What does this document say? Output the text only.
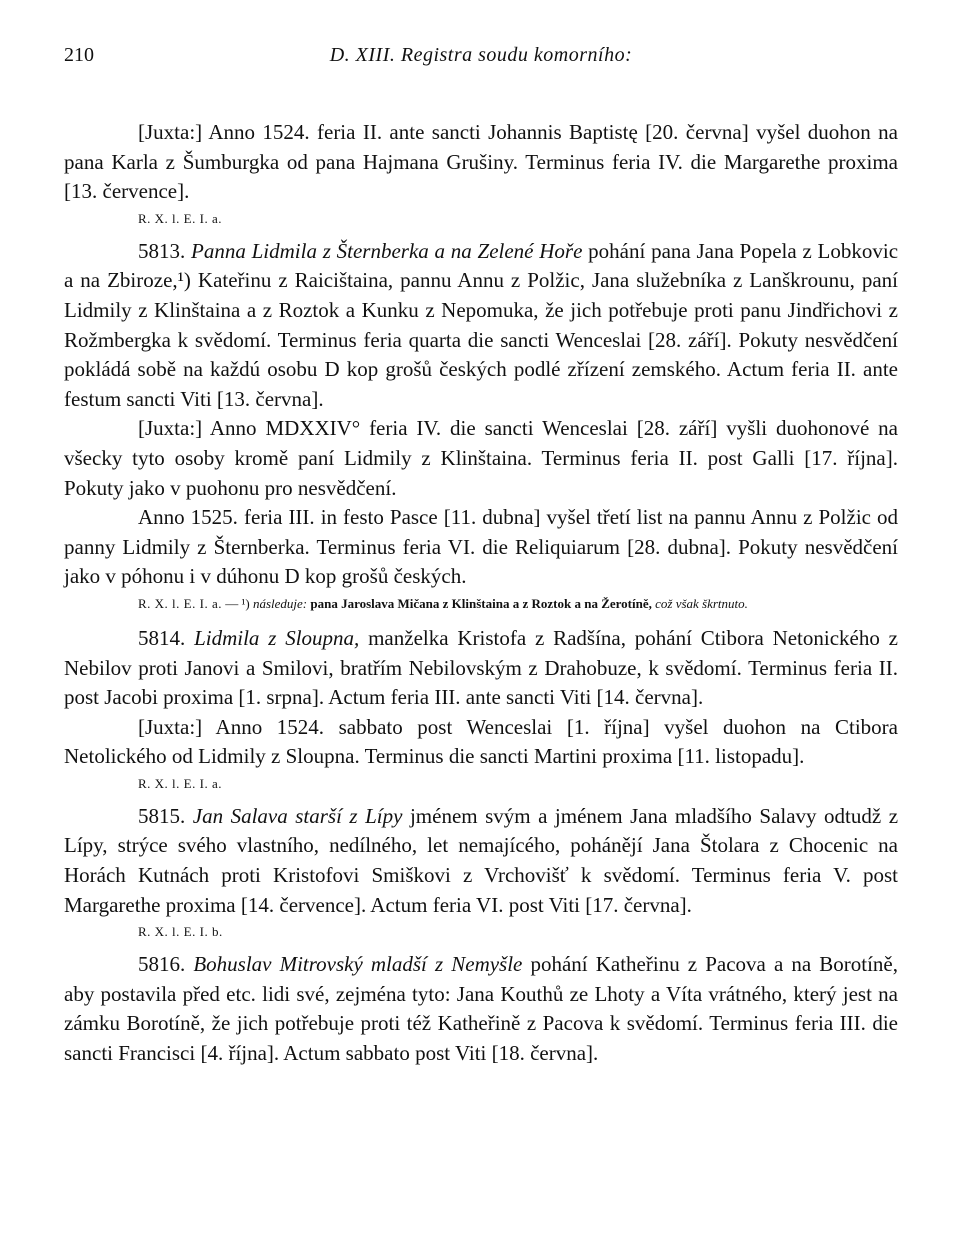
210	D. XIII. Registra soudu komorního:

[Juxta:] Anno 1524. feria II. ante sancti Johannis Baptistę [20. června] vyšel duohon na pana Karla z Šumburgka od pana Hajmana Grušiny. Terminus feria IV. die Margarethe proxima [13. července].

R. X. l. E. I. a.

5813. Panna Lidmila z Šternberka a na Zelené Hoře pohání pana Jana Popela z Lobkovic a na Zbiroze,¹) Kateřinu z Raicištaina, pannu Annu z Polžic, Jana služebníka z Lanškrounu, paní Lidmily z Klinštaina a z Roztok a Kunku z Nepomuka, že jich potřebuje proti panu Jindřichovi z Rožmbergka k svědomí. Terminus feria quarta die sancti Wenceslai [28. září]. Pokuty nesvědčení pokládá sobě na každú osobu D kop grošů českých podlé zřízení zemského. Actum feria II. ante festum sancti Viti [13. června].

[Juxta:] Anno MDXXIV° feria IV. die sancti Wenceslai [28. září] vyšli duohonové na všecky tyto osoby kromě paní Lidmily z Klinštaina. Terminus feria II. post Galli [17. října]. Pokuty jako v puohonu pro nesvědčení.

Anno 1525. feria III. in festo Pasce [11. dubna] vyšel třetí list na pannu Annu z Polžic od panny Lidmily z Šternberka. Terminus feria VI. die Reliquiarum [28. dubna]. Pokuty nesvědčení jako v póhonu i v dúhonu D kop grošů českých.

R. X. l. E. I. a. — ¹) následuje: pana Jaroslava Mičana z Klinštaina a z Roztok a na Žerotíně, což však škrtnuto.

5814. Lidmila z Sloupna, manželka Kristofa z Radšína, pohání Ctibora Netonického z Nebilov proti Janovi a Smilovi, bratřím Nebilovským z Drahobuze, k svědomí. Terminus feria II. post Jacobi proxima [1. srpna]. Actum feria III. ante sancti Viti [14. června].

[Juxta:] Anno 1524. sabbato post Wenceslai [1. října] vyšel duohon na Ctibora Netolického od Lidmily z Sloupna. Terminus die sancti Martini proxima [11. listopadu].

R. X. l. E. I. a.

5815. Jan Salava starší z Lípy jménem svým a jménem Jana mladšího Salavy odtudž z Lípy, strýce svého vlastního, nedílného, let nemajícého, pohánějí Jana Štolara z Chocenic na Horách Kutnách proti Kristofovi Smiškovi z Vrchovišť k svědomí. Terminus feria V. post Margarethe proxima [14. července]. Actum feria VI. post Viti [17. června].

R. X. l. E. I. b.

5816. Bohuslav Mitrovský mladší z Nemyšle pohání Katheřinu z Pacova a na Borotíně, aby postavila před etc. lidi své, zejména tyto: Jana Kouthů ze Lhoty a Víta vrátného, který jest na zámku Borotíně, že jich potřebuje proti též Katheřině z Pacova k svědomí. Terminus feria III. die sancti Francisci [4. října]. Actum sabbato post Viti [18. června].
